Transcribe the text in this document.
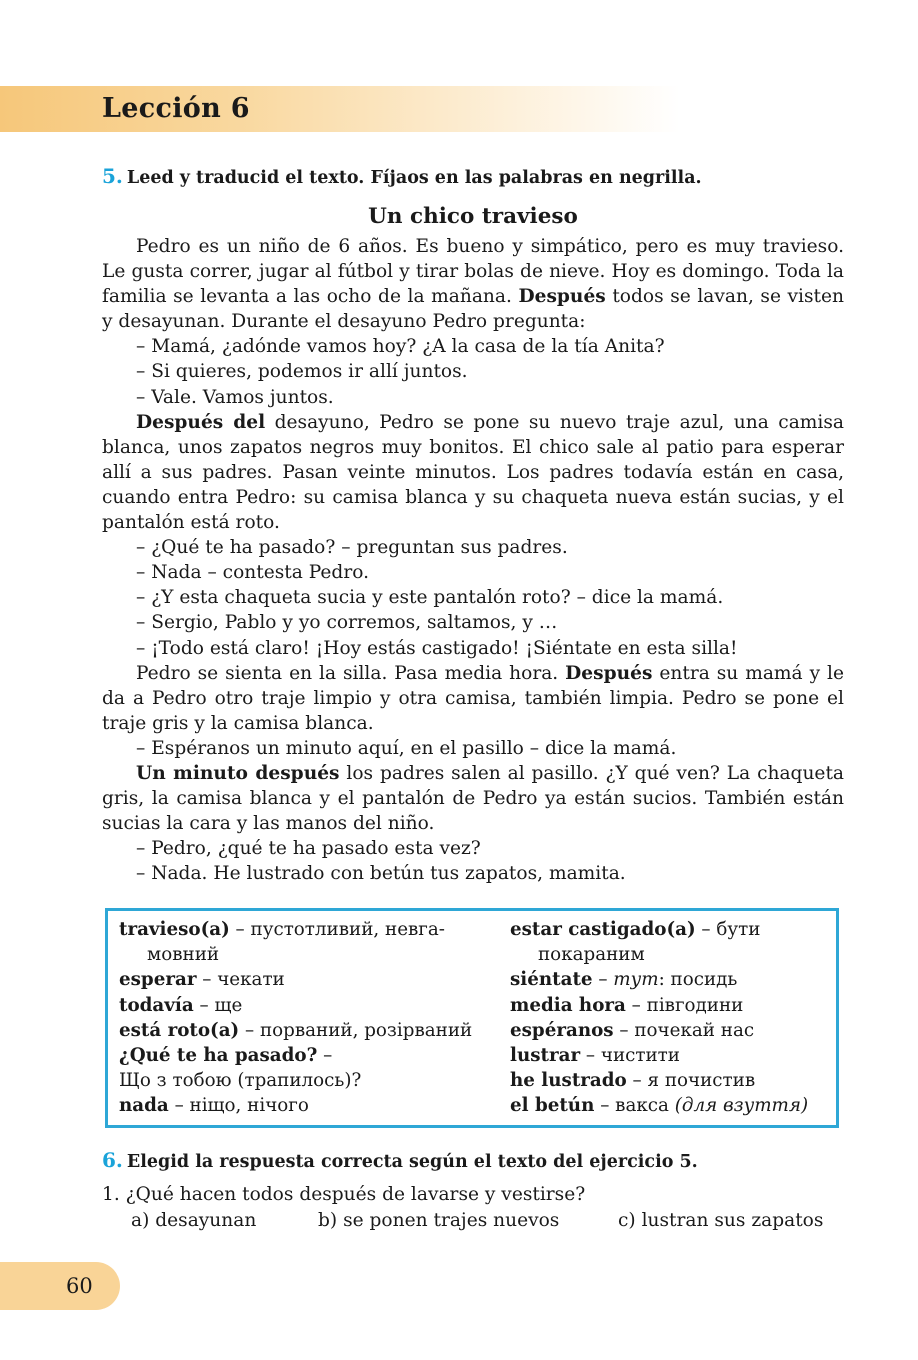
Lección 6
5. Leed y traducid el texto. Fíjaos en las palabras en negrilla.
Un chico travieso

Pedro es un niño de 6 años. Es bueno y simpático, pero es muy travieso. Le gusta correr, jugar al fútbol y tirar bolas de nieve. Hoy es domingo. Toda la familia se levanta a las ocho de la mañana. Después todos se lavan, se visten y desayunan. Durante el desayuno Pedro pregunta:

– Mamá, ¿adónde vamos hoy? ¿A la casa de la tía Anita?

– Si quieres, podemos ir allí juntos.

– Vale. Vamos juntos.

Después del desayuno, Pedro se pone su nuevo traje azul, una camisa blanca, unos zapatos negros muy bonitos. El chico sale al patio para esperar allí a sus padres. Pasan veinte minutos. Los padres todavía están en casa, cuando entra Pedro: su camisa blanca y su chaqueta nueva están sucias, y el pantalón está roto.

– ¿Qué te ha pasado? – preguntan sus padres.

– Nada – contesta Pedro.

– ¿Y esta chaqueta sucia y este pantalón roto? – dice la mamá.

– Sergio, Pablo y yo corremos, saltamos, y …

– ¡Todo está claro! ¡Hoy estás castigado! ¡Siéntate en esta silla!

Pedro se sienta en la silla. Pasa media hora. Después entra su mamá y le da a Pedro otro traje limpio y otra camisa, también limpia. Pedro se pone el traje gris y la camisa blanca.

– Espéranos un minuto aquí, en el pasillo – dice la mamá.

Un minuto después los padres salen al pasillo. ¿Y qué ven? La chaqueta gris, la camisa blanca y el pantalón de Pedro ya están sucios. También están sucias la cara y las manos del niño.

– Pedro, ¿qué te ha pasado esta vez?

– Nada. He lustrado con betún tus zapatos, mamita.

travieso(a) – пустотливий, невга-
мовний
esperar – чекати
todavía – ще
está roto(a) – порваний, розірваний
¿Qué te ha pasado? –
Що з тобою (трапилось)?
nada – ніщо, нічого
estar castigado(a) – бути
покараним
siéntate – тут: посидь
media hora – півгодини
espéranos – почекай нас
lustrar – чистити
he lustrado – я почистив
el betún – вакса (для взуття)
6. Elegid la respuesta correcta según el texto del ejercicio 5.
1. ¿Qué hacen todos después de lavarse y vestirse?
a) desayunan	b) se ponen trajes nuevos	c) lustran sus zapatos
60
